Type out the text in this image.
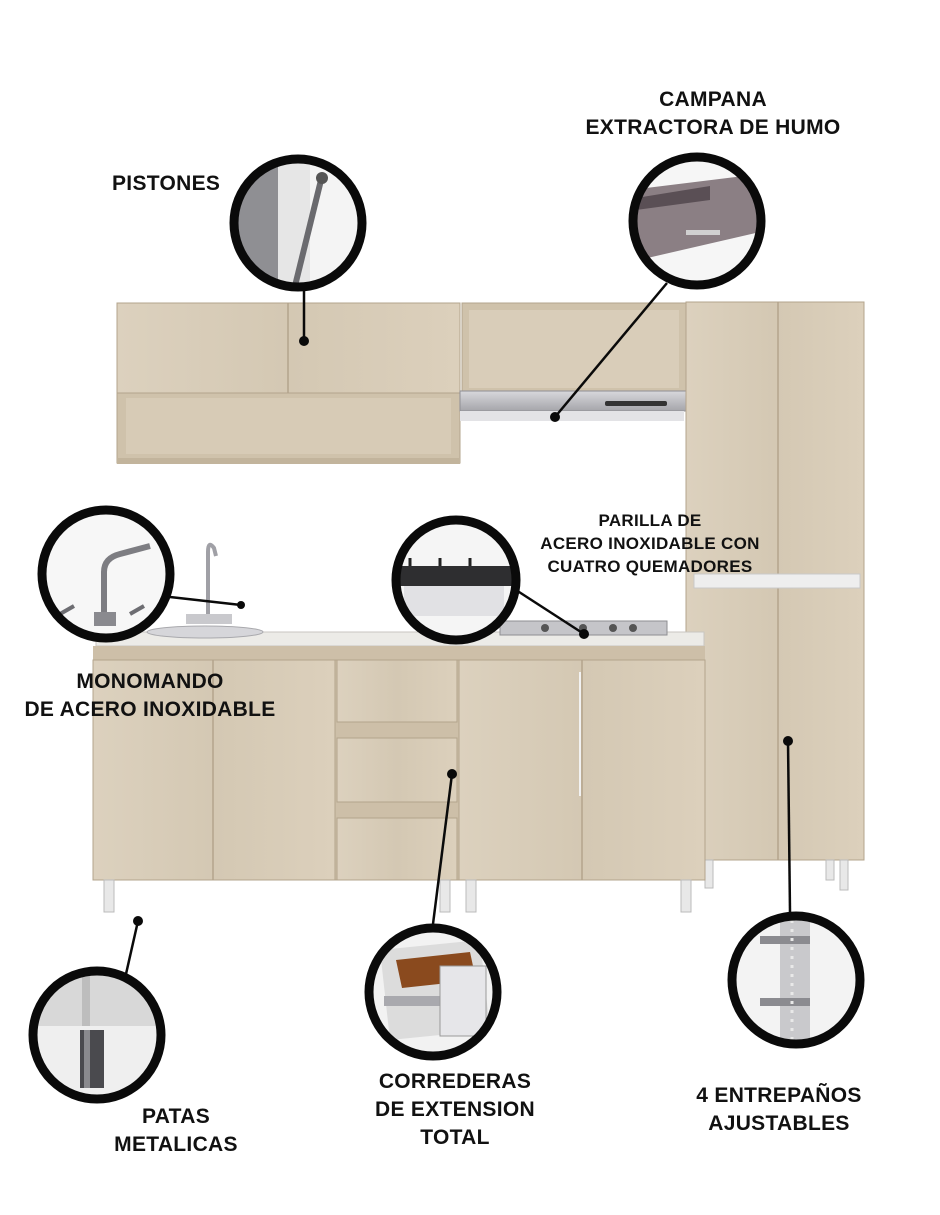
PISTONES
CAMPANA
EXTRACTORA DE HUMO
PARILLA DE
ACERO INOXIDABLE CON
CUATRO QUEMADORES
MONOMANDO
DE ACERO INOXIDABLE
PATAS
METALICAS
CORREDERAS
DE EXTENSION
TOTAL
4 ENTREPAÑOS
AJUSTABLES
